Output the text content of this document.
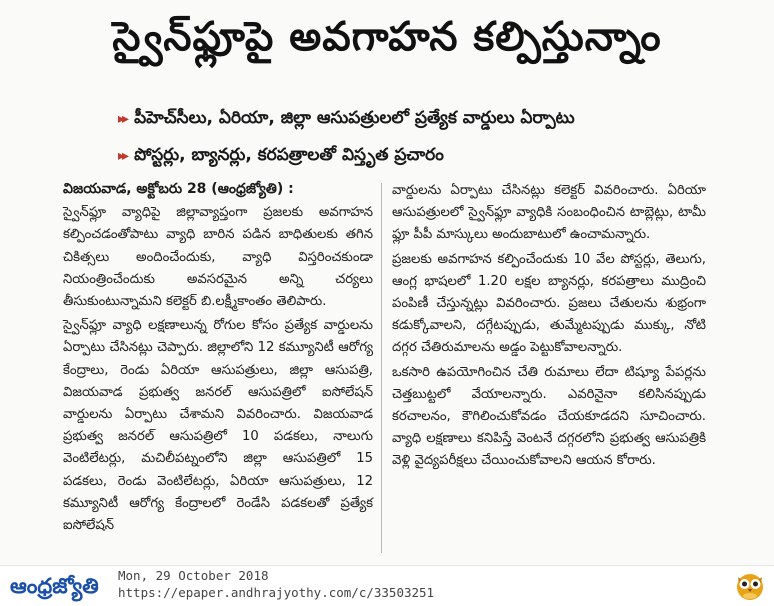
స్వైన్‌ఫ్లూపై అవగాహన కల్పిస్తున్నాం
▸▸ పీహెచ్‌సీలు, ఏరియా, జిల్లా ఆసుపత్రులలో ప్రత్యేక వార్డులు ఏర్పాటు
▸▸ పోస్టర్లు, బ్యానర్లు, కరపత్రాలతో విస్తృత ప్రచారం

విజయవాడ, అక్టోబరు 28 (ఆంధ్రజ్యోతి) :

స్వైన్‌ఫ్లూ వ్యాధిపై జిల్లావ్యాప్తంగా ప్రజలకు అవగాహన కల్పించడంతోపాటు వ్యాధి బారిన పడిన బాధితులకు తగిన చికిత్సలు అందించేందుకు, వ్యాధి విస్తరించకుండా నియంత్రించేందుకు అవసరమైన అన్ని చర్యలు తీసుకుంటున్నామని కలెక్టర్ బి.లక్ష్మీకాంతం తెలిపారు.

స్వైన్‌ఫ్లూ వ్యాధి లక్షణాలున్న రోగుల కోసం ప్రత్యేక వార్డులను ఏర్పాటు చేసినట్లు చెప్పారు. జిల్లాలోని 12 కమ్యూనిటీ ఆరోగ్య కేంద్రాలు, రెండు ఏరియా ఆసుపత్రులు, జిల్లా ఆసుపత్రి, విజయవాడ ప్రభుత్వ జనరల్ ఆసుపత్రిలో ఐసోలేషన్ వార్డులను ఏర్పాటు చేశామని వివరించారు. విజయవాడ ప్రభుత్వ జనరల్ ఆసుపత్రిలో 10 పడకలు, నాలుగు వెంటిలేటర్లు, మచిలీపట్నంలోని జిల్లా ఆసుపత్రిలో 15 పడకలు, రెండు వెంటిలేటర్లు, ఏరియా ఆసుపత్రులు, 12 కమ్యూనిటీ ఆరోగ్య కేంద్రాలలో రెండేసి పడకలతో ప్రత్యేక ఐసోలేషన్

వార్డులను ఏర్పాటు చేసినట్లు కలెక్టర్ వివరించారు. ఏరియా ఆసుపత్రులలో స్వైన్‌ఫ్లూ వ్యాధికి సంబంధించిన టాబ్లెట్లు, టామీ ఫ్లూ పీపీ మాస్కులు అందుబాటులో ఉంచామన్నారు.

ప్రజలకు అవగాహన కల్పించేందుకు 10 వేల పోస్టర్లు, తెలుగు, ఆంగ్ల భాషలలో 1.20 లక్షల బ్యానర్లు, కరపత్రాలు ముద్రించి పంపిణీ చేస్తున్నట్లు వివరించారు. ప్రజలు చేతులను శుభ్రంగా కడుక్కోవాలని, దగ్గేటప్పుడు, తుమ్మేటప్పుడు ముక్కు, నోటి దగ్గర చేతిరుమాలను అడ్డం పెట్టుకోవాలన్నారు.

ఒకసారి ఉపయోగించిన చేతి రుమాలు లేదా టిష్యూ పేపర్లను చెత్తబుట్టలో వేయాలన్నారు. ఎవరినైనా కలిసినప్పుడు కరచాలనం, కౌగిలించుకోవడం చేయకూడదని సూచించారు. వ్యాధి లక్షణాలు కనిపిస్తే వెంటనే దగ్గరలోని ప్రభుత్వ ఆసుపత్రికి వెళ్లి వైద్యపరీక్షలు చేయించుకోవాలని ఆయన కోరారు.

ఆంధ్రజ్యోతి	Mon, 29 October 2018
https://epaper.andhrajyothy.com/c/33503251
